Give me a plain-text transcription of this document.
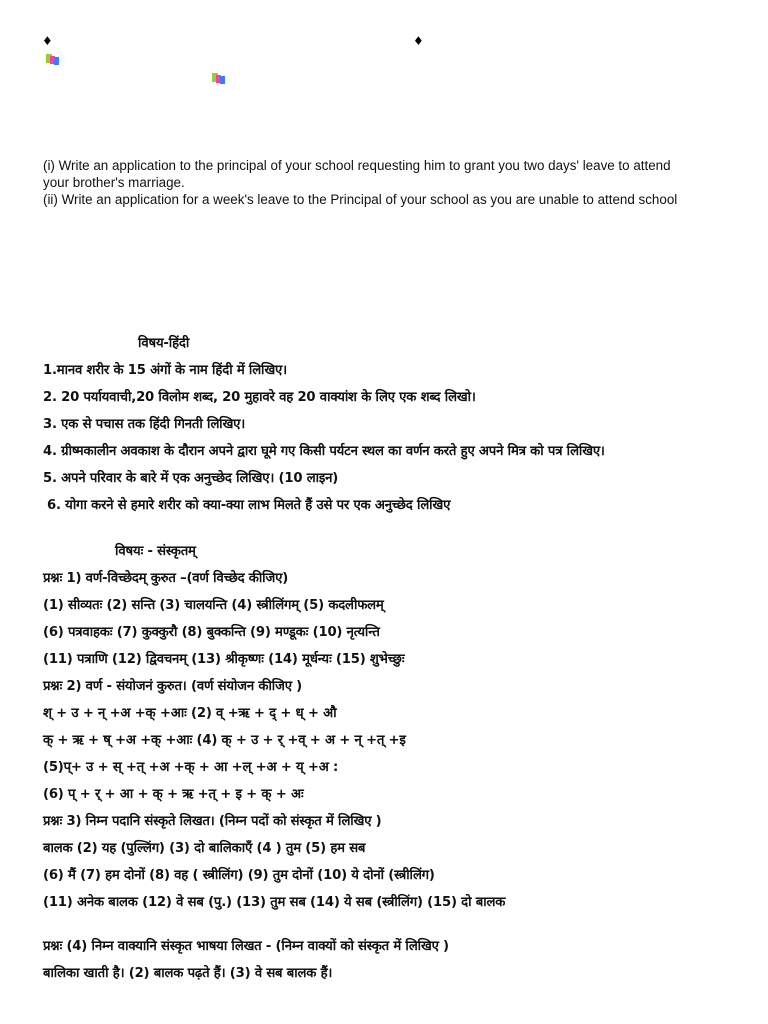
♦	♦
(i) Write an application to the principal of your school requesting him to grant you two days' leave to attend
your brother's marriage.
(ii) Write an application for a week's leave to the Principal of your school as you are unable to attend school
विषय-हिंदी
1.मानव शरीर के 15 अंगों के नाम हिंदी में लिखिए।
2. 20 पर्यायवाची,20 विलोम शब्द, 20 मुहावरे वह 20 वाक्यांश के लिए एक शब्द लिखो।
3. एक से पचास तक हिंदी गिनती लिखिए।
4. ग्रीष्मकालीन अवकाश के दौरान अपने द्वारा घूमे गए किसी पर्यटन स्थल का वर्णन करते हुए अपने मित्र को पत्र लिखिए।
5. अपने परिवार के बारे में एक अनुच्छेद लिखिए। (10 लाइन)
6. योगा करने से हमारे शरीर को क्या-क्या लाभ मिलते हैं उसे पर एक अनुच्छेद लिखिए
विषयः - संस्कृतम्
प्रश्नः 1) वर्ण-विच्छेदम् कुरुत –(वर्ण विच्छेद कीजिए)
(1) सीव्यतः (2) सन्ति (3) चालयन्ति (4) स्त्रीलिंगम् (5) कदलीफलम्
(6) पत्रवाहकः (7) कुक्कुरौ (8) बुक्कन्ति (9) मण्डूकः (10) नृत्यन्ति
(11) पत्राणि (12) द्विवचनम् (13) श्रीकृष्णः (14) मूर्धन्यः (15) शुभेच्छुः
प्रश्नः 2) वर्ण - संयोजनं कुरुत। (वर्ण संयोजन कीजिए )
श् + उ + न् +अ +क् +आः (2) व् +ऋ + द् + ध् + औ
क् + ऋ + ष् +अ +क् +आः (4) क् + उ + र् +व् + अ + न् +त् +इ
(5)प्+ उ + स् +त् +अ +क् + आ +ल् +अ + य् +अ :
(6) प् + र् + आ + क् + ऋ +त् + इ + क् + अः
प्रश्नः 3) निम्न पदानि संस्कृते लिखत। (निम्न पदों को संस्कृत में लिखिए )
बालक (2) यह (पुल्लिंग) (3) दो बालिकाएँ (4 ) तुम (5) हम सब
(6) मैं (7) हम दोनों (8) वह ( स्त्रीलिंग) (9) तुम दोनों (10) ये दोनों (स्त्रीलिंग)
(11) अनेक बालक (12) वे सब (पु.) (13) तुम सब (14) ये सब (स्त्रीलिंग) (15) दो बालक
प्रश्नः (4) निम्न वाक्यानि संस्कृत भाषया लिखत - (निम्न वाक्यों को संस्कृत में लिखिए )
बालिका खाती है। (2) बालक पढ़ते हैं। (3) वे सब बालक हैं।
